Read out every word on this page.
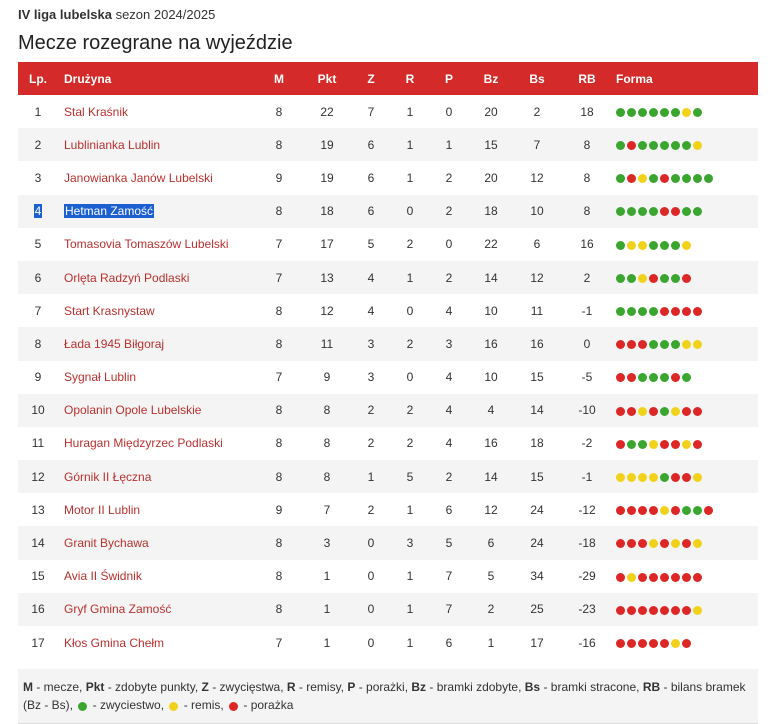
IV liga lubelska sezon 2024/2025
Mecze rozegrane na wyjeździe
Lp.	Drużyna	M	Pkt	Z	R	P	Bz	Bs	RB	Forma
1	Stal Kraśnik	8	22	7	1	0	20	2	18	
2	Lublinianka Lublin	8	19	6	1	1	15	7	8	
3	Janowianka Janów Lubelski	9	19	6	1	2	20	12	8	
4	Hetman Zamość	8	18	6	0	2	18	10	8	
5	Tomasovia Tomaszów Lubelski	7	17	5	2	0	22	6	16	
6	Orlęta Radzyń Podlaski	7	13	4	1	2	14	12	2	
7	Start Krasnystaw	8	12	4	0	4	10	11	-1	
8	Łada 1945 Biłgoraj	8	11	3	2	3	16	16	0	
9	Sygnał Lublin	7	9	3	0	4	10	15	-5	
10	Opolanin Opole Lubelskie	8	8	2	2	4	4	14	-10	
11	Huragan Międzyrzec Podlaski	8	8	2	2	4	16	18	-2	
12	Górnik II Łęczna	8	8	1	5	2	14	15	-1	
13	Motor II Lublin	9	7	2	1	6	12	24	-12	
14	Granit Bychawa	8	3	0	3	5	6	24	-18	
15	Avia II Świdnik	8	1	0	1	7	5	34	-29	
16	Gryf Gmina Zamość	8	1	0	1	7	2	25	-23	
17	Kłos Gmina Chełm	7	1	0	1	6	1	17	-16	
M - mecze, Pkt - zdobyte punkty, Z - zwycięstwa, R - remisy, P - porażki, Bz - bramki zdobyte, Bs - bramki stracone, RB - bilans bramek (Bz - Bs),  - zwyciestwo,  - remis,  - porażka
